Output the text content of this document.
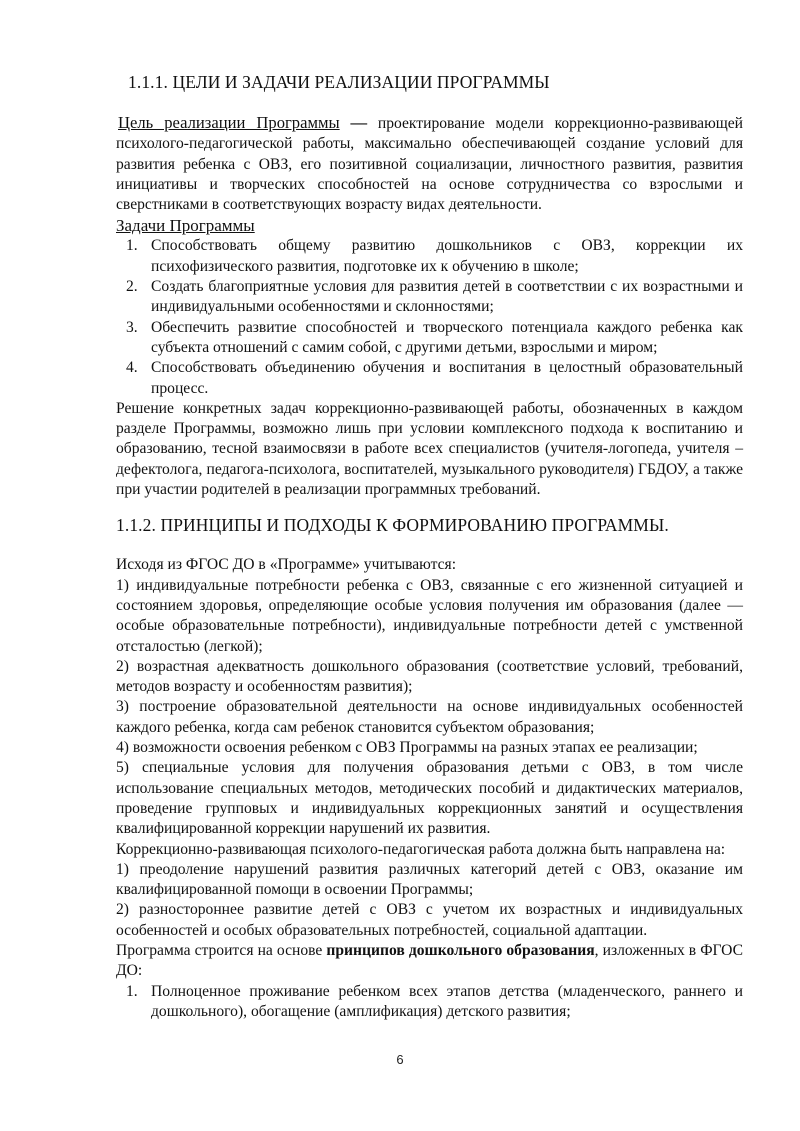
1.1.1. ЦЕЛИ И ЗАДАЧИ РЕАЛИЗАЦИИ ПРОГРАММЫ

Цель реализации Программы — проектирование модели коррекционно-развивающей психолого-педагогической работы, максимально обеспечивающей создание условий для развития ребенка с ОВЗ, его позитивной социализации, личностного развития, развития инициативы и творческих способностей на основе сотрудничества со взрослыми и сверстниками в соответствующих возрасту видах деятельности.

Задачи Программы
1. Способствовать общему развитию дошкольников с ОВЗ, коррекции их психофизического развития, подготовке их к обучению в школе;
2. Создать благоприятные условия для развития детей в соответствии с их возрастными и индивидуальными особенностями и склонностями;
3. Обеспечить развитие способностей и творческого потенциала каждого ребенка как субъекта отношений с самим собой, с другими детьми, взрослыми и миром;
4. Способствовать объединению обучения и воспитания в целостный образовательный процесс.

Решение конкретных задач коррекционно-развивающей работы, обозначенных в каждом разделе Программы, возможно лишь при условии комплексного подхода к воспитанию и образованию, тесной взаимосвязи в работе всех специалистов (учителя-логопеда, учителя – дефектолога, педагога-психолога, воспитателей, музыкального руководителя) ГБДОУ, а также при участии родителей в реализации программных требований.

1.1.2. ПРИНЦИПЫ И ПОДХОДЫ К ФОРМИРОВАНИЮ ПРОГРАММЫ.

Исходя из ФГОС ДО в «Программе» учитываются:

1) индивидуальные потребности ребенка с ОВЗ, связанные с его жизненной ситуацией и состоянием здоровья, определяющие особые условия получения им образования (далее — особые образовательные потребности), индивидуальные потребности детей с умственной отсталостью (легкой);

2) возрастная адекватность дошкольного образования (соответствие условий, требований, методов возрасту и особенностям развития);

3) построение образовательной деятельности на основе индивидуальных особенностей каждого ребенка, когда сам ребенок становится субъектом образования;

4) возможности освоения ребенком с ОВЗ Программы на разных этапах ее реализации;

5) специальные условия для получения образования детьми с ОВЗ, в том числе использование специальных методов, методических пособий и дидактических материалов, проведение групповых и индивидуальных коррекционных занятий и осуществления квалифицированной коррекции нарушений их развития.

Коррекционно-развивающая психолого-педагогическая работа должна быть направлена на:

1) преодоление нарушений развития различных категорий детей с ОВЗ, оказание им квалифицированной помощи в освоении Программы;

2) разностороннее развитие детей с ОВЗ с учетом их возрастных и индивидуальных особенностей и особых образовательных потребностей, социальной адаптации.

Программа строится на основе принципов дошкольного образования, изложенных в ФГОС ДО:

1. Полноценное проживание ребенком всех этапов детства (младенческого, раннего и дошкольного), обогащение (амплификация) детского развития;
6
